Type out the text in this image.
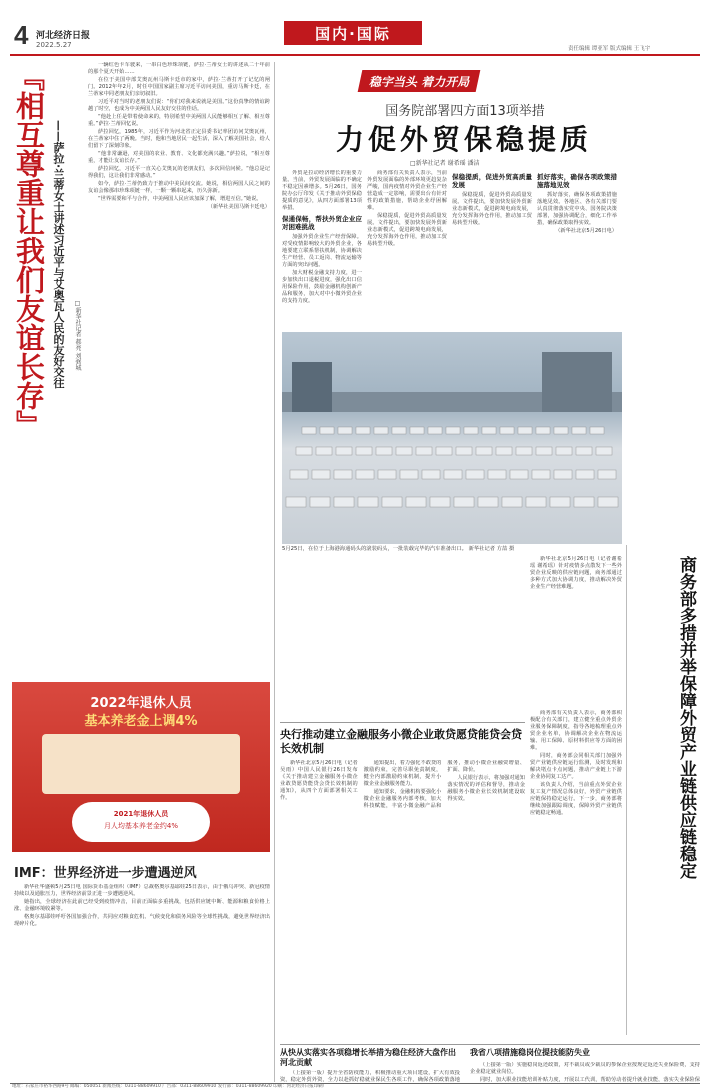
4 河北经济日报
2022.5.27
国内·国际
责任编辑 谭亚军 版式编辑 王飞宇
『相互尊重让我们友谊长存』 ——萨拉·兰蒂女士讲述习近平与艾奥瓦人民的友好交往	□新华社记者 郝亮 刘弼城

一辆红色卡车驶来，一串白色珍珠项链，萨拉·兰蒂女士的讲述从二十年前的那个夏天开始……

在位于美国中部艾奥瓦州马斯卡廷市的家中，萨拉·兰蒂打开了记忆的闸门。2012年年2月，时任中国国家副主席习近平访问美国，重访马斯卡廷，在兰蒂家中同老朋友们亲切叙旧。

习近平对当时的老朋友们说：“你们对我来说就是美国。”这份真挚的情谊跨越了时空，也成为中美两国人民友好交往的佳话。

“他赴上任是带着使命来的，特别希望中美两国人民能够相互了解、相互尊重。”萨拉·兰蒂回忆说。

萨拉回忆，1985年，习近平作为河北省正定县委书记率团访问艾奥瓦州，在兰蒂家中住了两晚。当时，他和当地居民一起生活，深入了解美国社会，给人们留下了深刻印象。

“他非常谦逊，对美国的农业、教育、文化都充满兴趣。”萨拉说，“相互尊重，才能让友谊长存。”

萨拉回忆，习近平一直关心艾奥瓦的老朋友们，多次回信问候。“他总是记得我们，这让我们非常感动。”

如今，萨拉·兰蒂仍致力于推动中美民间交流。她说，相信两国人民之间的友谊会像那串珍珠项链一样，一颗一颗串起来，历久弥新。

“世界需要和平与合作，中美两国人民应该加深了解，增进互信。”她说。

（新华社美国马斯卡廷电）

2022年退休人员
基本养老金上调4%
2021年退休人员
月人均基本养老金约4%
IMF：世界经济进一步遭遇逆风

新华社华盛顿5月25日电 国际货币基金组织（IMF）总裁格奥尔基耶娃25日表示，由于俄乌冲突、新冠疫情持续以及通胀压力，世界经济前景正进一步遭遇逆风。

她指出，全球经济在此前已经受到疫情冲击，目前正面临多重挑战，包括供应链中断、能源和粮食价格上涨、金融环境收紧等。

格奥尔基耶娃呼吁各国加强合作，共同应对粮食危机、气候变化和债务风险等全球性挑战，避免世界经济出现碎片化。

稳字当头 着力开局
国务院部署四方面13项举措
力促外贸保稳提质
□新华社记者 谢希瑶 潘洁

外贸是拉动经济增长的重要力量。当前，外贸发展面临的不确定不稳定因素增多。5月26日，国务院办公厅印发《关于推动外贸保稳提质的意见》，从四方面部署13项举措。

保通保畅，帮扶外贸企业应对困难挑战

加强外贸企业生产经营保障。对受疫情影响较大的外贸企业，各地要建立联系帮扶机制，协调解决生产经营、员工返岗、物流运输等方面的突出问题。

加大财税金融支持力度，进一步加快出口退税进度，强化出口信用保险作用，鼓励金融机构创新产品和服务，加大对中小微外贸企业的支持力度。

商务部有关负责人表示，当前外贸发展面临的外部环境更趋复杂严峻，国内疫情对外贸企业生产经营造成一定影响，需要出台有针对性的政策措施，帮助企业纾困解难。

保稳提质，促进外贸高质量发展。文件提出，要加快发展外贸新业态新模式，促进跨境电商发展，充分发挥海外仓作用，推动加工贸易转型升级。

保稳提质，促进外贸高质量发展

保稳提质，促进外贸高质量发展。文件提出，要加快发展外贸新业态新模式，促进跨境电商发展，充分发挥海外仓作用，推动加工贸易转型升级。

抓好落实，确保各项政策措施落地见效

抓好落实，确保各项政策措施落地见效。各地区、各有关部门要认真贯彻落实党中央、国务院决策部署，加强协调配合，细化工作举措，确保政策取得实效。

（新华社北京5月26日电）

5月25日，在位于上海港海通码头的滚装码头，一批装载完毕的汽车准备出口。 新华社记者 方喆 摄

新华社北京5月26日电（记者谢希瑶 谢希瑶）针对疫情多点散发下一些外贸企业反映的供应链问题，商务部通过多种方式加大协调力度，推动解决外贸企业生产经营难题。	商务部多措并举保障外贸产业链供应链稳定

商务部有关负责人表示，商务部积极配合有关部门，建立健全重点外贸企业服务保障制度，指导各地梳理重点外贸企业名单，协调解决企业在物流运输、用工保障、原材料供应等方面的困难。

同时，商务部会同相关部门加强外贸产业链供应链运行监测，及时发现和解决堵点卡点问题，推动产业链上下游企业协同复工达产。

该负责人介绍，当前重点外贸企业复工复产情况总体良好，外贸产业链供应链保持稳定运行。下一步，商务部将继续加强跟踪调度，保障外贸产业链供应链稳定畅通。

央行推动建立金融服务小微企业敢贷愿贷能贷会贷长效机制

新华社北京5月26日电（记者吴雨）中国人民银行26日发布《关于推动建立金融服务小微企业敢贷愿贷能贷会贷长效机制的通知》，从四个方面部署相关工作。

通知提出，着力强化不敢贷的激励约束，完善尽职免责制度，健全内部激励约束机制，提升小微企业金融服务能力。

通知要求，金融机构要强化小微企业金融服务内部考核，加大科技赋能，丰富小微金融产品和服务，推动小微企业融资增量、扩面、降价。

人民银行表示，将加强对通知落实情况的评估和督导，推动金融服务小微企业长效机制建设取得实效。

从快从实落实各项稳增长举措为稳住经济大盘作出河北贡献

（上接第一版）提升全省防疫能力，积极推动重大项目建设，扩大有效投资，稳定外贸外资，全力以赴抓好稳就业保民生各项工作，确保各项政策落地

我省八项措施稳岗位提技能防失业

（上接第一版）实施稳岗返还政策，对不裁员或少裁员的参保企业按规定返还失业保险费，支持企业稳定就业岗位。

同时，加大职业技能培训补贴力度，开展以工代训，帮助劳动者提升就业技能，落实失业保险保

地址：石家庄市裕华西路9号 邮编：050051 新闻热线：0311-88609910 广告部：0311-88609910 发行部：0311-88609920 印刷：河北经济日报印刷厂
